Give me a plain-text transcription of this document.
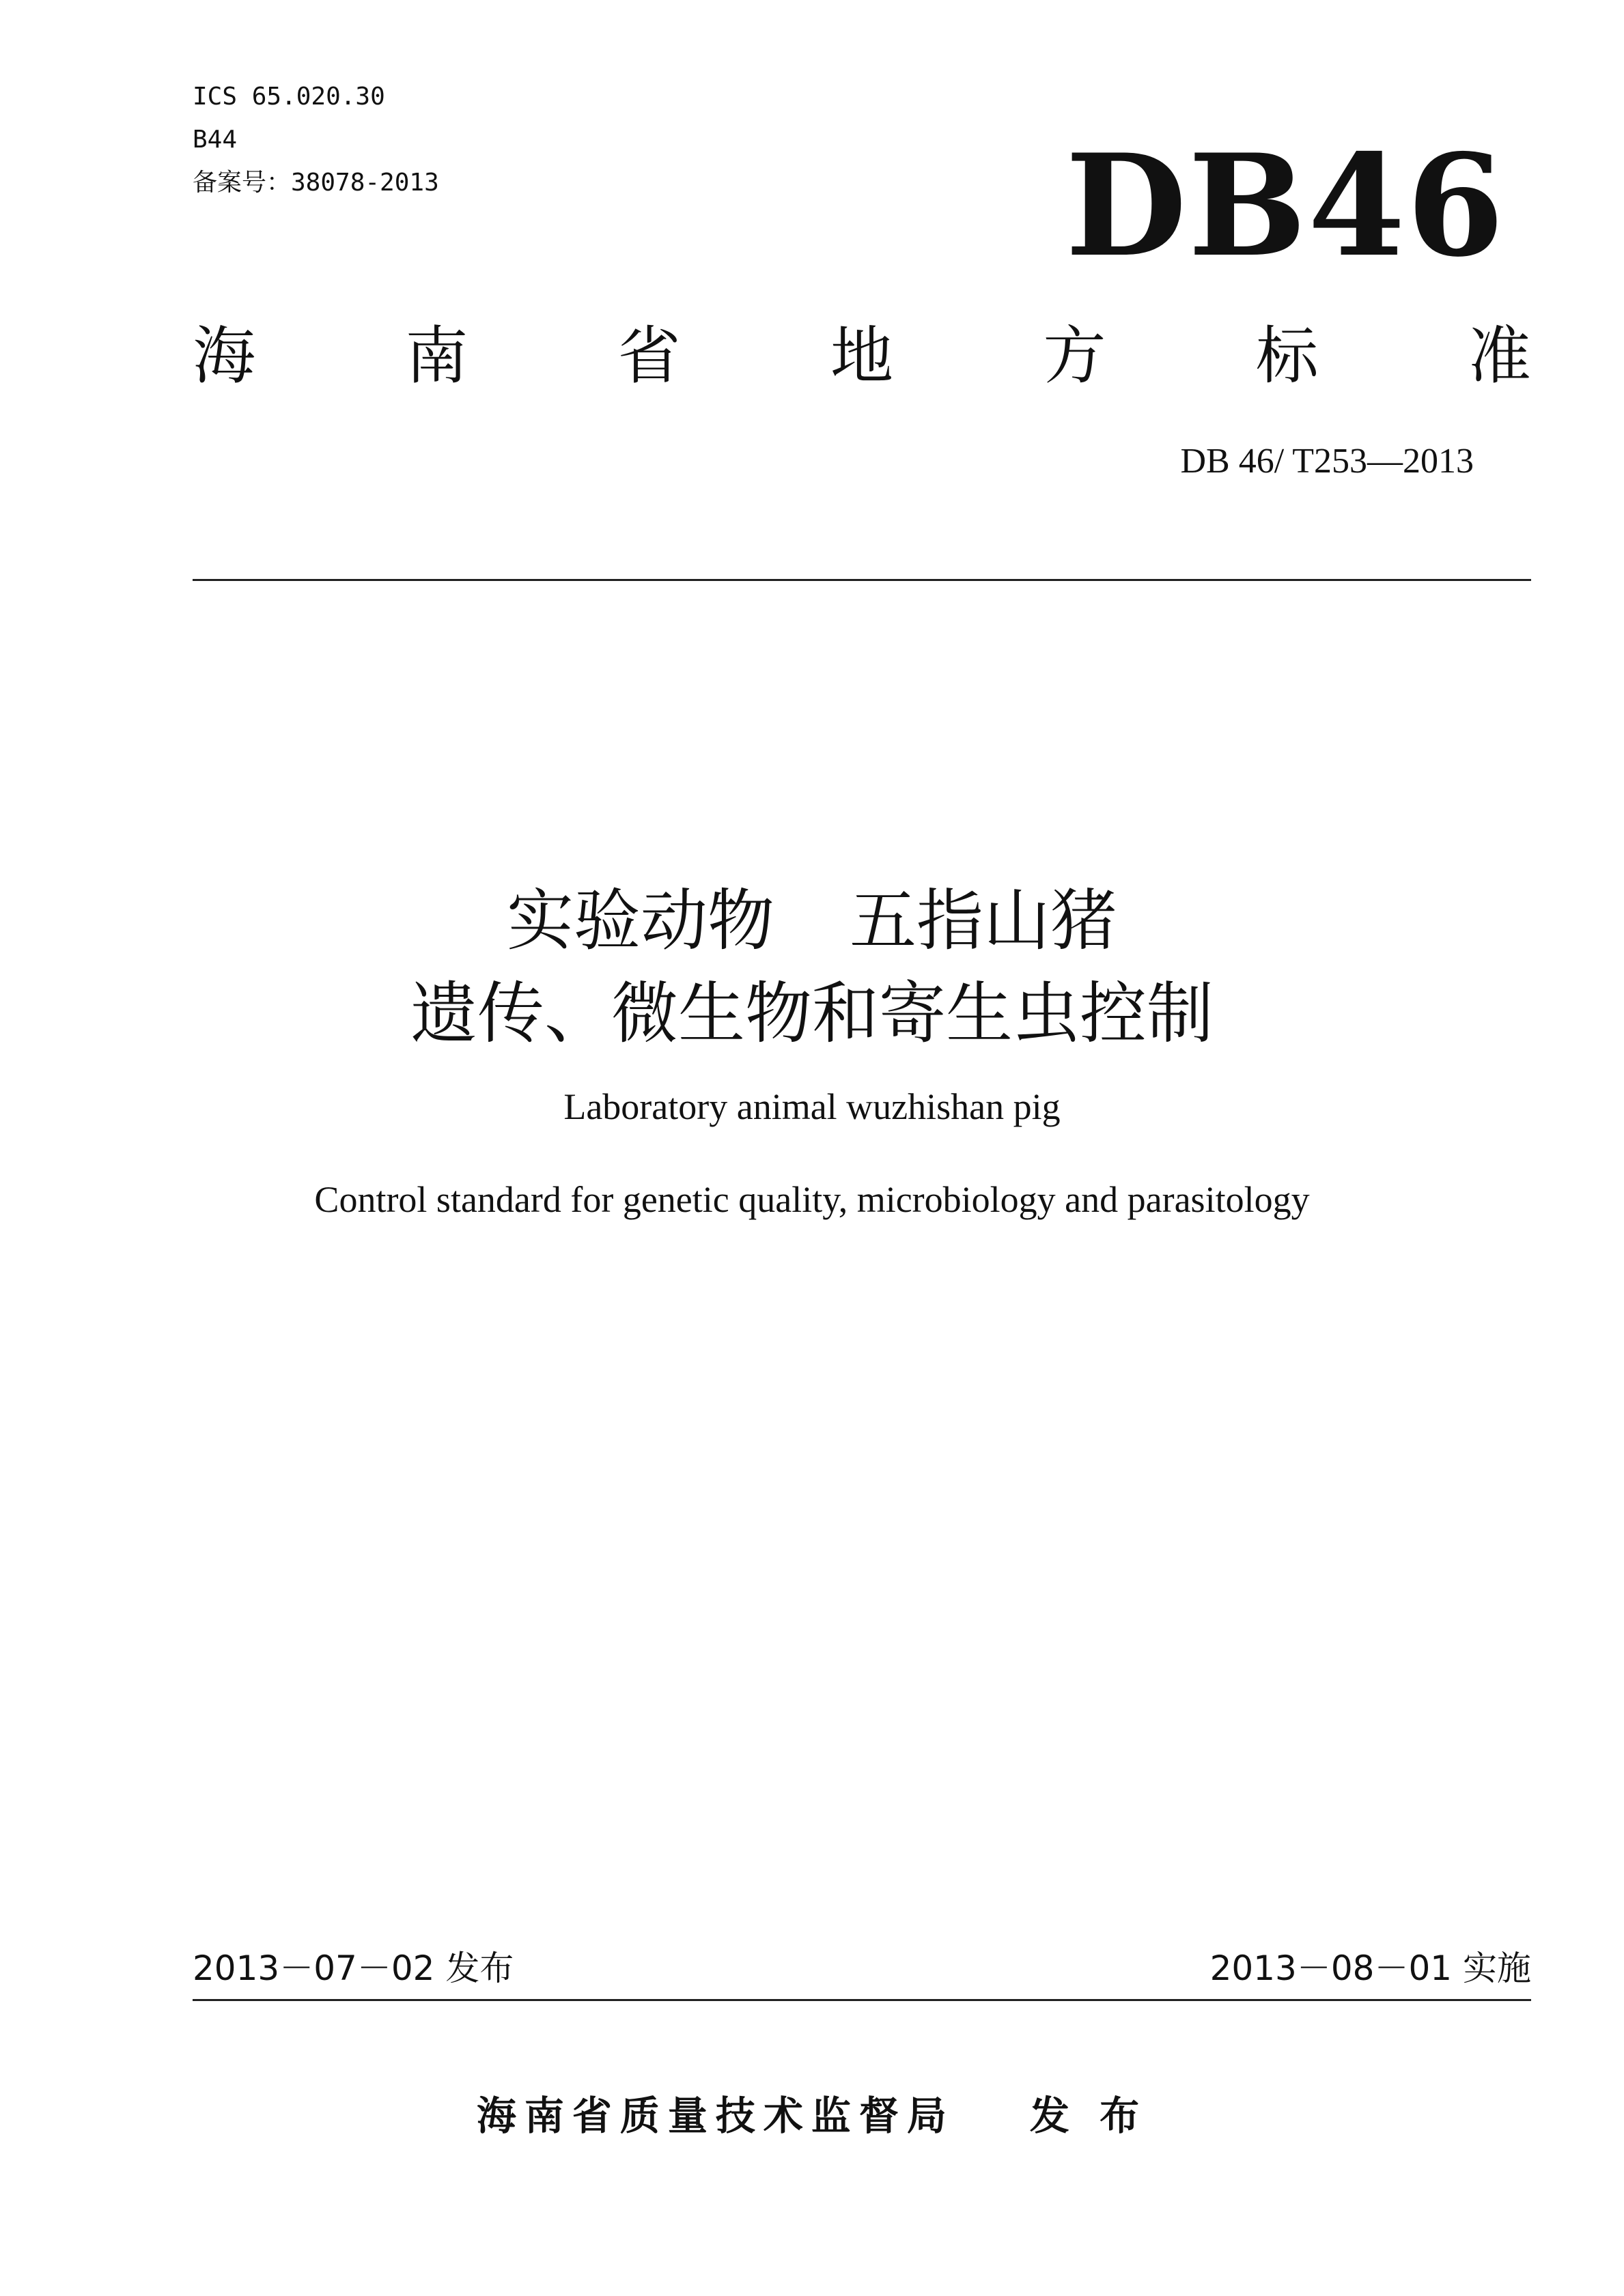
ICS 65.020.30
B44
备案号：38078-2013	DB46
海 南 省 地 方 标 准
DB 46/ T253—2013
实验动物 五指山猪
遗传、微生物和寄生虫控制
Laboratory animal wuzhishan pig
Control standard for genetic quality, microbiology and parasitology
2013－07－02 发布	2013－08－01 实施
海南省质量技术监督局 发 布
